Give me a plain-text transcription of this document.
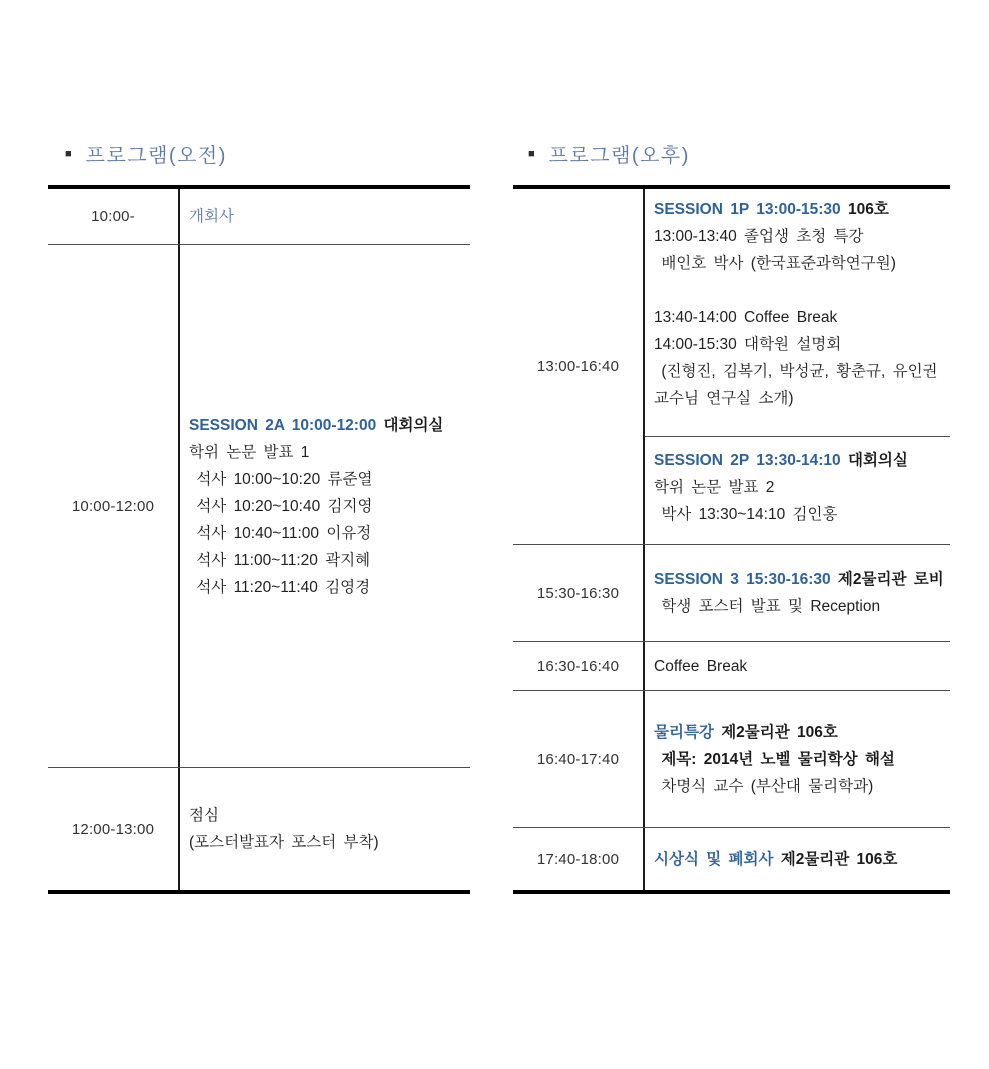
■ 프로그램(오전)	■ 프로그램(오후)
10:00-	개회사
10:00-12:00
SESSION 2A 10:00-12:00 대회의실
학위 논문 발표 1
석사 10:00~10:20 류준열
석사 10:20~10:40 김지영
석사 10:40~11:00 이유정
석사 11:00~11:20 곽지혜
석사 11:20~11:40 김영경
12:00-13:00
점심
(포스터발표자 포스터 부착)
13:00-16:40
SESSION 1P 13:00-15:30 106호
13:00-13:40 졸업생 초청 특강
배인호 박사 (한국표준과학연구원)

13:40-14:00 Coffee Break
14:00-15:30 대학원 설명회
(진형진, 김복기, 박성균, 황춘규, 유인권
교수님 연구실 소개)
SESSION 2P 13:30-14:10 대회의실
학위 논문 발표 2
박사 13:30~14:10 김인홍
15:30-16:30
SESSION 3 15:30-16:30 제2물리관 로비
학생 포스터 발표 및 Reception
16:30-16:40	Coffee Break
16:40-17:40
물리특강 제2물리관 106호
제목: 2014년 노벨 물리학상 해설
차명식 교수 (부산대 물리학과)
17:40-18:00	시상식 및 폐회사 제2물리관 106호
